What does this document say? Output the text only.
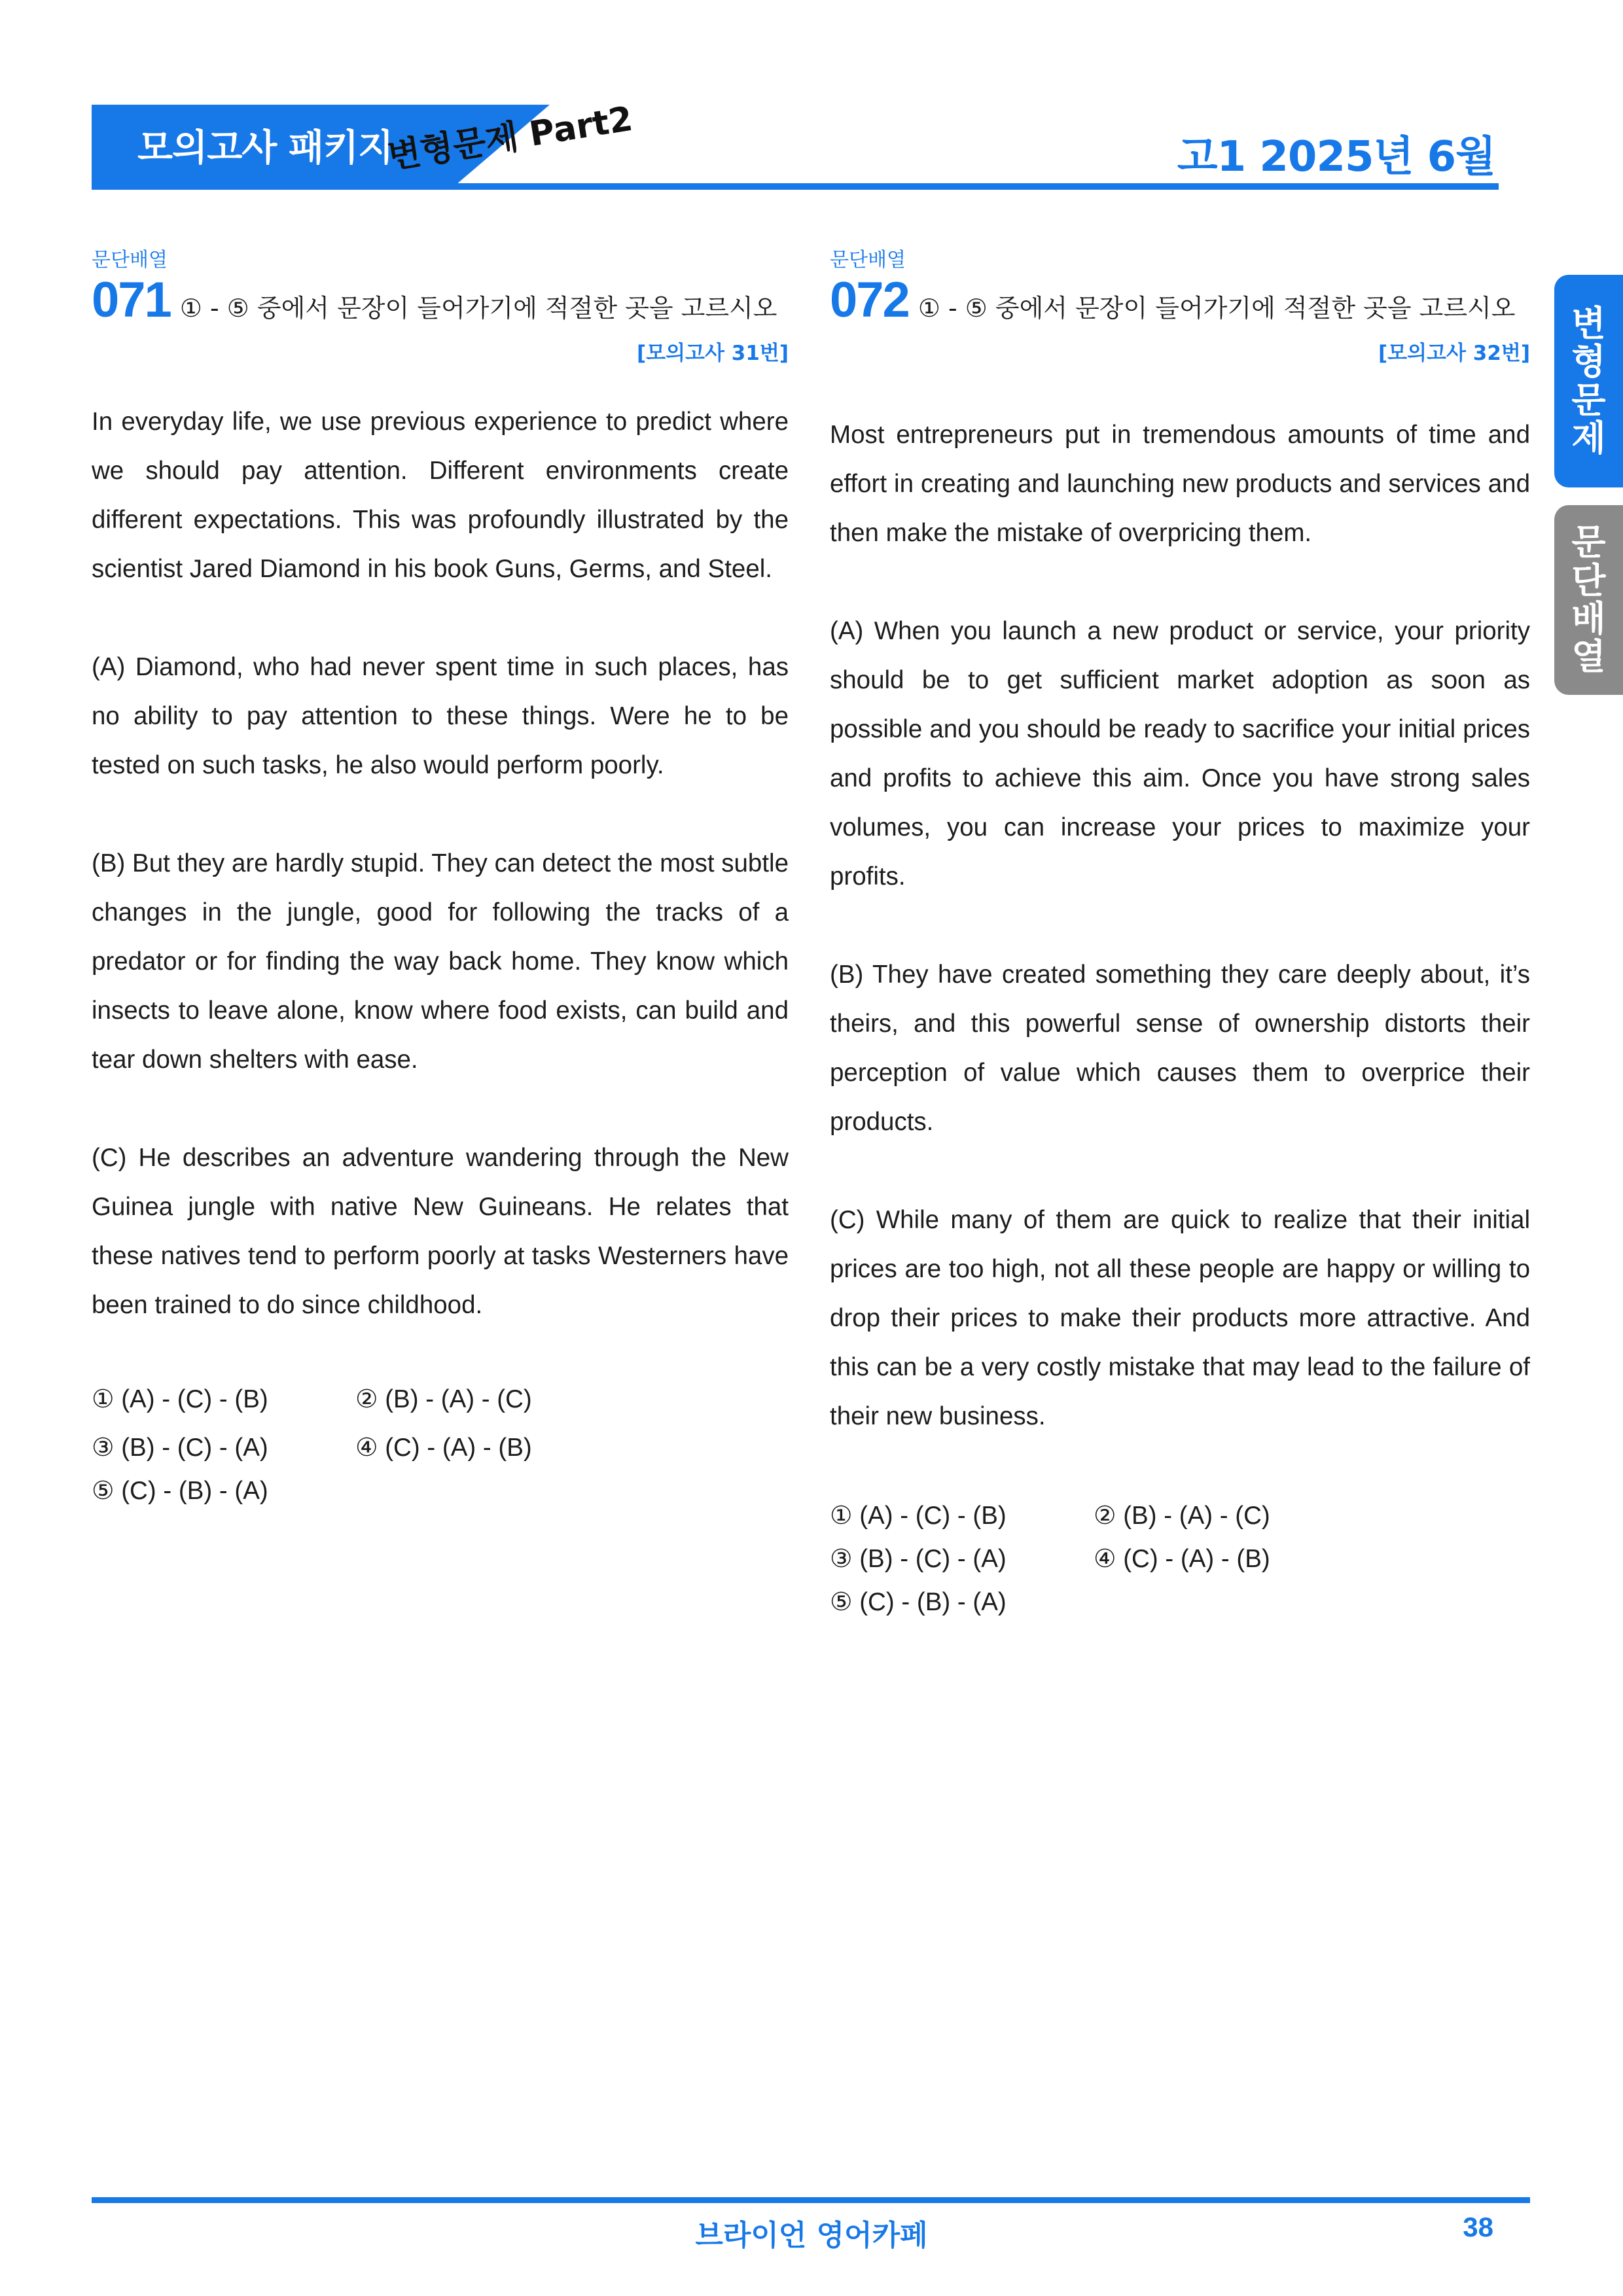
모의고사 패키지
변형문제 Part2	고1 2025년 6월
변
형
문
제
문
단
배
열
문단배열
071 ① - ⑤ 중에서 문장이 들어가기에 적절한 곳을 고르시오
[모의고사 31번]

In everyday life, we use previous experience to predict where we should pay attention. Different environments create different expectations. This was profoundly illustrated by the scientist Jared Diamond in his book Guns, Germs, and Steel.

(A) Diamond, who had never spent time in such places, has no ability to pay attention to these things. Were he to be tested on such tasks, he also would perform poorly.

(B) But they are hardly stupid. They can detect the most subtle changes in the jungle, good for following the tracks of a predator or for finding the way back home. They know which insects to leave alone, know where food exists, can build and tear down shelters with ease.

(C) He describes an adventure wandering through the New Guinea jungle with native New Guineans. He relates that these natives tend to perform poorly at tasks Westerners have been trained to do since childhood.

① (A) - (C) - (B)	② (B) - (A) - (C)
③ (B) - (C) - (A)	④ (C) - (A) - (B)
⑤ (C) - (B) - (A)
문단배열
072 ① - ⑤ 중에서 문장이 들어가기에 적절한 곳을 고르시오
[모의고사 32번]

Most entrepreneurs put in tremendous amounts of time and effort in creating and launching new products and services and then make the mistake of overpricing them.

(A) When you launch a new product or service, your priority should be to get sufficient market adoption as soon as possible and you should be ready to sacrifice your initial prices and profits to achieve this aim. Once you have strong sales volumes, you can increase your prices to maximize your profits.

(B) They have created something they care deeply about, it’s theirs, and this powerful sense of ownership distorts their perception of value which causes them to overprice their products.

(C) While many of them are quick to realize that their initial prices are too high, not all these people are happy or willing to drop their prices to make their products more attractive. And this can be a very costly mistake that may lead to the failure of their new business.

① (A) - (C) - (B)	② (B) - (A) - (C)
③ (B) - (C) - (A)	④ (C) - (A) - (B)
⑤ (C) - (B) - (A)
브라이언 영어카페	38
